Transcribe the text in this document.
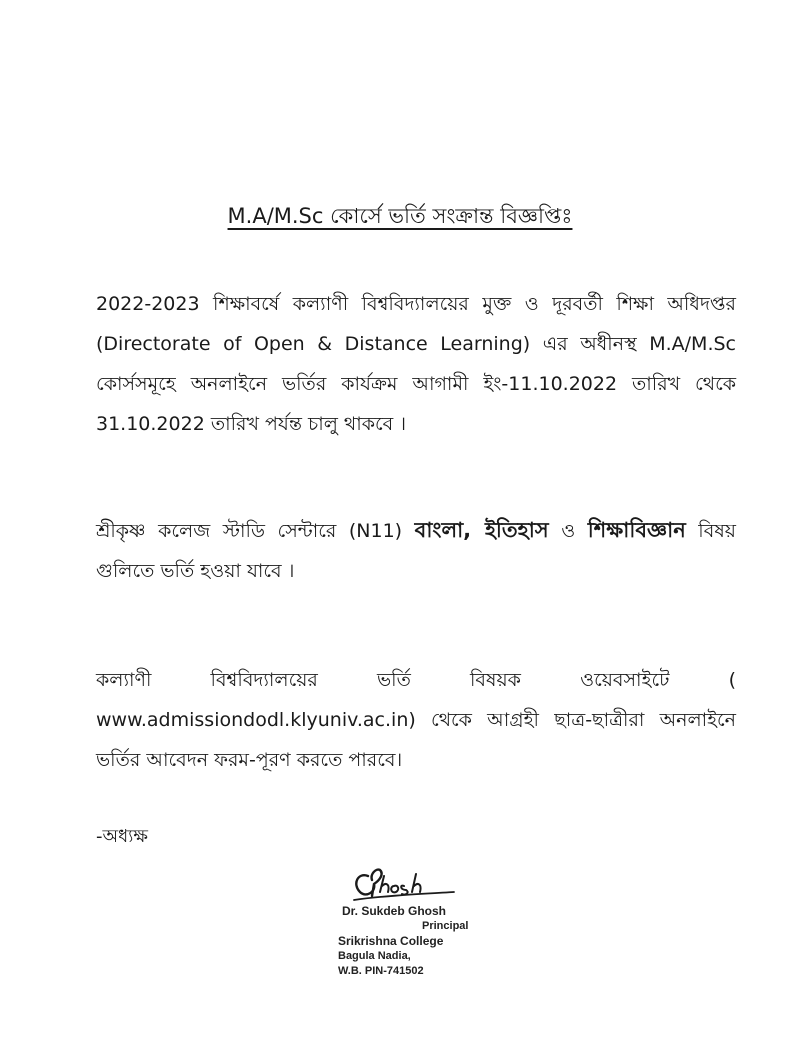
M.A/M.Sc কোর্সে ভর্তি সংক্রান্ত বিজ্ঞপ্তিঃ

2022-2023 শিক্ষাবর্ষে কল্যাণী বিশ্ববিদ্যালয়ের মুক্ত ও দূরবর্তী শিক্ষা অধিদপ্তর (Directorate of Open & Distance Learning) এর অধীনস্থ M.A/M.Sc কোর্সসমূহে অনলাইনে ভর্তির কার্যক্রম আগামী ইং-11.10.2022 তারিখ থেকে 31.10.2022 তারিখ পর্যন্ত চালু থাকবে ।

শ্রীকৃষ্ণ কলেজ স্টাডি সেন্টারে (N11) বাংলা, ইতিহাস ও শিক্ষাবিজ্ঞান বিষয় গুলিতে ভর্তি হওয়া যাবে ।

কল্যাণী বিশ্ববিদ্যালয়ের ভর্তি বিষয়ক ওয়েবসাইটে ( www.admissiondodl.klyuniv.ac.in) থেকে আগ্রহী ছাত্র-ছাত্রীরা অনলাইনে ভর্তির আবেদন ফরম-পূরণ করতে পারবে।

-অধ্যক্ষ
Dr. Sukdeb Ghosh
Principal
Srikrishna College
Bagula Nadia,
W.B. PIN-741502
